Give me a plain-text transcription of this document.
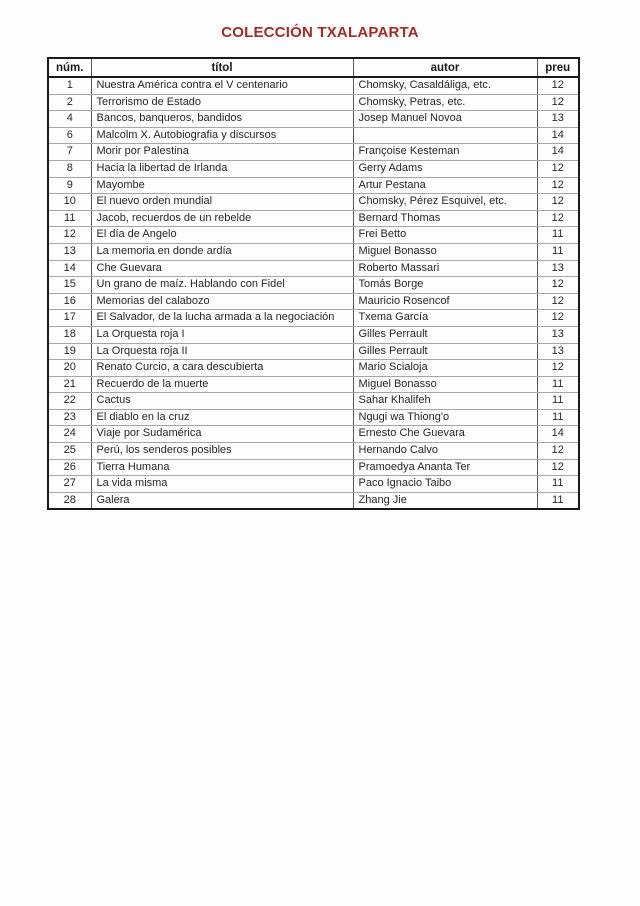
COLECCIÓN TXALAPARTA
núm.	títol	autor	preu
1	Nuestra América contra el V centenario	Chomsky, Casaldáliga, etc.	12
2	Terrorismo de Estado	Chomsky, Petras, etc.	12
4	Bancos, banqueros, bandidos	Josep Manuel Novoa	13
6	Malcolm X. Autobiografia y discursos		14
7	Morir por Palestina	Françoise Kesteman	14
8	Hacia la libertad de Irlanda	Gerry Adams	12
9	Mayombe	Artur Pestana	12
10	El nuevo orden mundial	Chomsky, Pérez Esquivel, etc.	12
11	Jacob, recuerdos de un rebelde	Bernard Thomas	12
12	El día de Angelo	Frei Betto	11
13	La memoria en donde ardía	Miguel Bonasso	11
14	Che Guevara	Roberto Massari	13
15	Un grano de maíz. Hablando con Fidel	Tomás Borge	12
16	Memorias del calabozo	Mauricio Rosencof	12
17	El Salvador, de la lucha armada a la negociación	Txema García	12
18	La Orquesta roja I	Gilles Perrault	13
19	La Orquesta roja II	Gilles Perrault	13
20	Renato Curcio, a cara descubierta	Mario Scialoja	12
21	Recuerdo de la muerte	Miguel Bonasso	11
22	Cactus	Sahar Khalifeh	11
23	El diablo en la cruz	Ngugi wa Thiong'o	11
24	Viaje por Sudamérica	Ernesto Che Guevara	14
25	Perú, los senderos posibles	Hernando Calvo	12
26	Tierra Humana	Pramoedya Ananta Ter	12
27	La vida misma	Paco Ignacio Taibo	11
28	Galera	Zhang Jie	11
